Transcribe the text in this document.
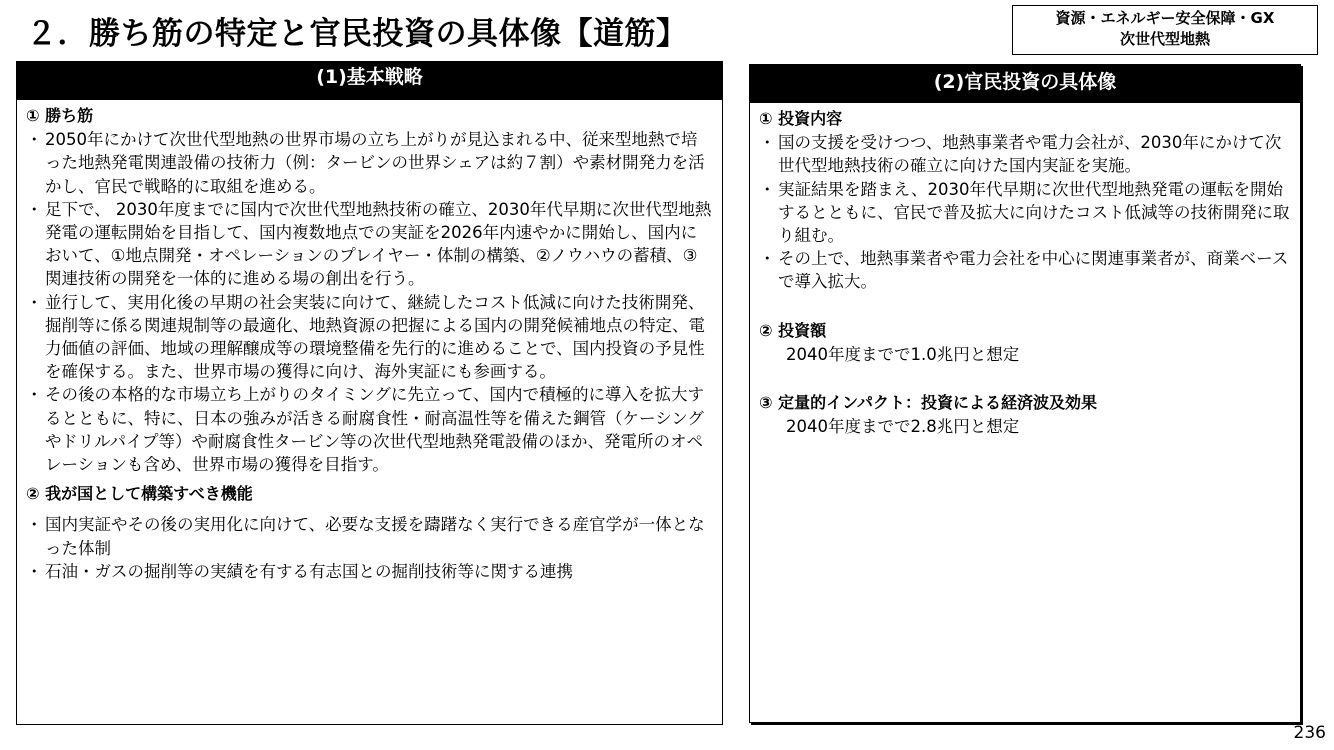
２．勝ち筋の特定と官民投資の具体像【道筋】	資源・エネルギー安全保障・GX
次世代型地熱
(1)基本戦略
① 勝ち筋
・ 2050年にかけて次世代型地熱の世界市場の立ち上がりが見込まれる中、従来型地熱で培った地熱発電関連設備の技術力（例：タービンの世界シェアは約７割）や素材開発力を活かし、官民で戦略的に取組を進める。
・ 足下で、 2030年度までに国内で次世代型地熱技術の確立、2030年代早期に次世代型地熱発電の運転開始を目指して、国内複数地点での実証を2026年内速やかに開始し、国内において、①地点開発・オペレーションのプレイヤー・体制の構築、②ノウハウの蓄積、③関連技術の開発を一体的に進める場の創出を行う。
・ 並行して、実用化後の早期の社会実装に向けて、継続したコスト低減に向けた技術開発、掘削等に係る関連規制等の最適化、地熱資源の把握による国内の開発候補地点の特定、電力価値の評価、地域の理解醸成等の環境整備を先行的に進めることで、国内投資の予見性を確保する。また、世界市場の獲得に向け、海外実証にも参画する。
・ その後の本格的な市場立ち上がりのタイミングに先立って、国内で積極的に導入を拡大するとともに、特に、日本の強みが活きる耐腐食性・耐高温性等を備えた鋼管（ケーシングやドリルパイプ等）や耐腐食性タービン等の次世代型地熱発電設備のほか、発電所のオペレーションも含め、世界市場の獲得を目指す。
② 我が国として構築すべき機能
・ 国内実証やその後の実用化に向けて、必要な支援を躊躇なく実行できる産官学が一体となった体制
・ 石油・ガスの掘削等の実績を有する有志国との掘削技術等に関する連携
(2)官民投資の具体像
① 投資内容
・ 国の支援を受けつつ、地熱事業者や電力会社が、2030年にかけて次世代型地熱技術の確立に向けた国内実証を実施。
・ 実証結果を踏まえ、2030年代早期に次世代型地熱発電の運転を開始するとともに、官民で普及拡大に向けたコスト低減等の技術開発に取り組む。
・ その上で、地熱事業者や電力会社を中心に関連事業者が、商業ベースで導入拡大。
② 投資額
2040年度までで1.0兆円と想定
③ 定量的インパクト：投資による経済波及効果
2040年度までで2.8兆円と想定
236
